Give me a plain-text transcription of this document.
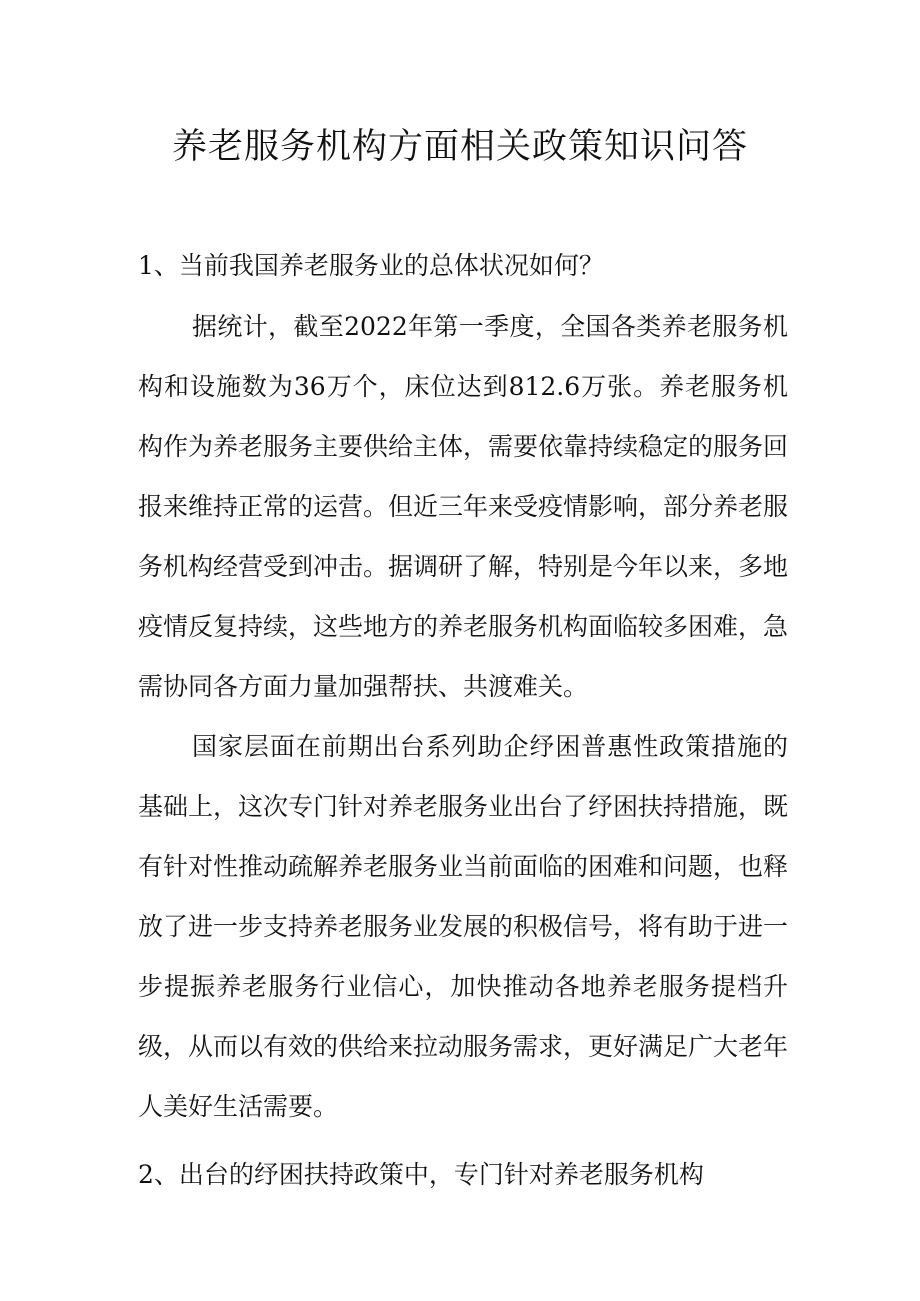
养老服务机构方面相关政策知识问答

1、当前我国养老服务业的总体状况如何？

据统计，截至2022年第一季度，全国各类养老服务机构和设施数为36万个，床位达到812.6万张。养老服务机构作为养老服务主要供给主体，需要依靠持续稳定的服务回报来维持正常的运营。但近三年来受疫情影响，部分养老服务机构经营受到冲击。据调研了解，特别是今年以来，多地疫情反复持续，这些地方的养老服务机构面临较多困难，急需协同各方面力量加强帮扶、共渡难关。

国家层面在前期出台系列助企纾困普惠性政策措施的基础上，这次专门针对养老服务业出台了纾困扶持措施，既有针对性推动疏解养老服务业当前面临的困难和问题，也释放了进一步支持养老服务业发展的积极信号，将有助于进一步提振养老服务行业信心，加快推动各地养老服务提档升级，从而以有效的供给来拉动服务需求，更好满足广大老年人美好生活需要。

2、出台的纾困扶持政策中，专门针对养老服务机构
